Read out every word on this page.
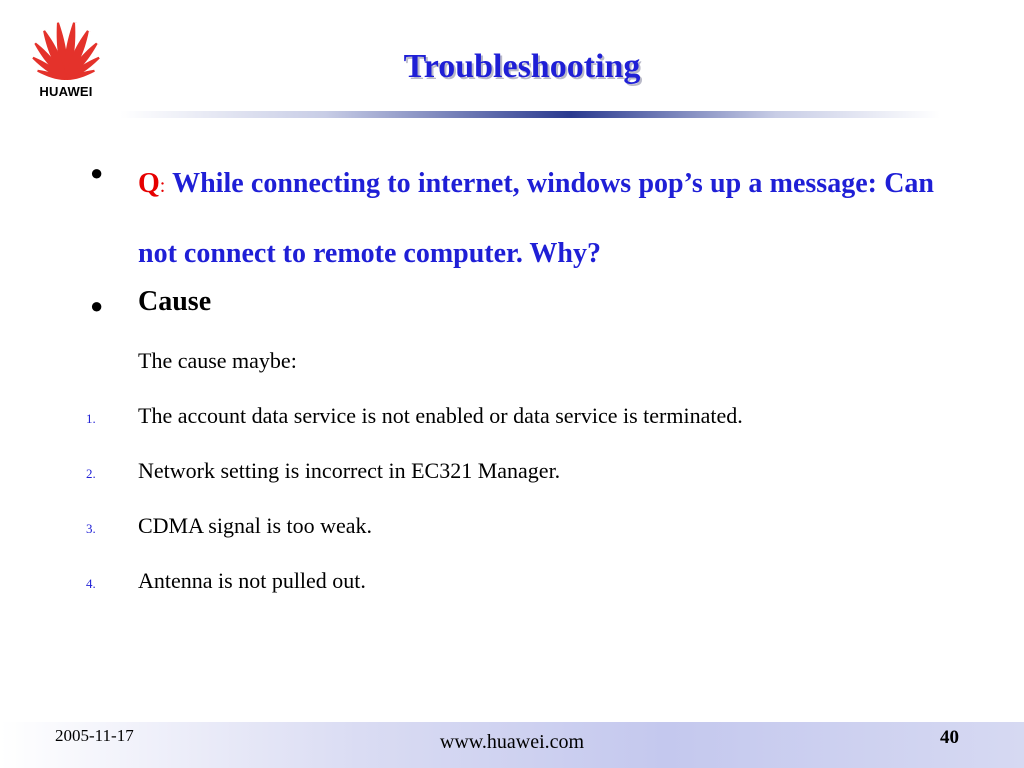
HUAWEI
Troubleshooting
● Q: While connecting to internet, windows pop’s up a message: Can not connect to remote computer. Why?
● Cause
The cause maybe:
1. The account data service is not enabled or data service is terminated.
2. Network setting is incorrect in EC321 Manager.
3. CDMA signal is too weak.
4. Antenna is not pulled out.
2005-11-17	www.huawei.com	40
